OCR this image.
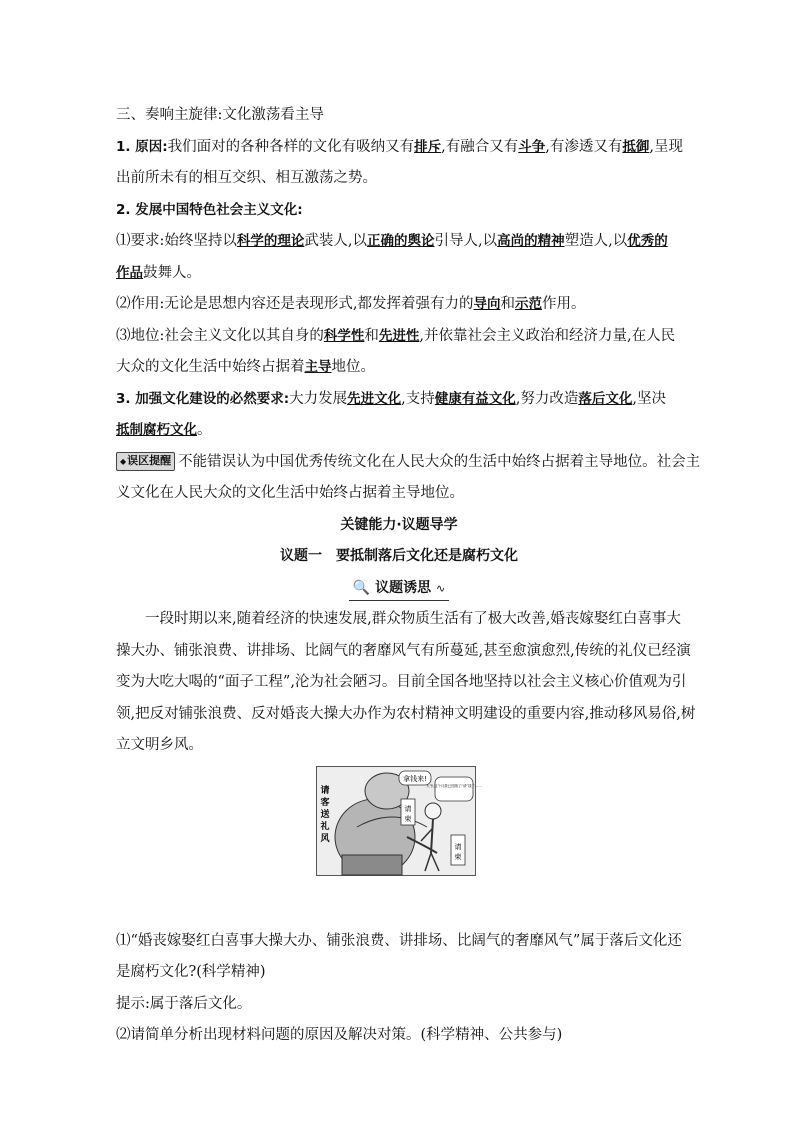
三、奏响主旋律:文化激荡看主导
1. 原因:我们面对的各种各样的文化有吸纳又有排斥,有融合又有斗争,有渗透又有抵御,呈现
出前所未有的相互交织、相互激荡之势。
2. 发展中国特色社会主义文化:
⑴要求:始终坚持以科学的理论武装人,以正确的舆论引导人,以高尚的精神塑造人,以优秀的
作品鼓舞人。
⑵作用:无论是思想内容还是表现形式,都发挥着强有力的导向和示范作用。
⑶地位:社会主义文化以其自身的科学性和先进性,并依靠社会主义政治和经济力量,在人民
大众的文化生活中始终占据着主导地位。
3. 加强文化建设的必然要求:大力发展先进文化,支持健康有益文化,努力改造落后文化,坚决
抵制腐朽文化。
◆误区提醒 不能错误认为中国优秀传统文化在人民大众的生活中始终占据着主导地位。社会主
义文化在人民大众的文化生活中始终占据着主导地位。
关键能力·议题导学
议题一　要抵制落后文化还是腐朽文化
🔍 议题诱思 ∿
一段时期以来,随着经济的快速发展,群众物质生活有了极大改善,婚丧嫁娶红白喜事大
操大办、铺张浪费、讲排场、比阔气的奢靡风气有所蔓延,甚至愈演愈烈,传统的礼仪已经演
变为大吃大喝的“面子工程”,沦为社会陋习。目前全国各地坚持以社会主义核心价值观为引
领,把反对铺张浪费、反对婚丧大操大办作为农村精神文明建设的重要内容,推动移风易俗,树
立文明乡风。
⑴“婚丧嫁娶红白喜事大操大办、铺张浪费、讲排场、比阔气的奢靡风气”属于落后文化还
是腐朽文化?(科学精神)
提示:属于落后文化。
⑵请简单分析出现材料问题的原因及解决对策。(科学精神、公共参与)
拿钱来!
大爷,这个月我已经随了“请”钱了……
请
柬
请
柬
请
客
送
礼
风
